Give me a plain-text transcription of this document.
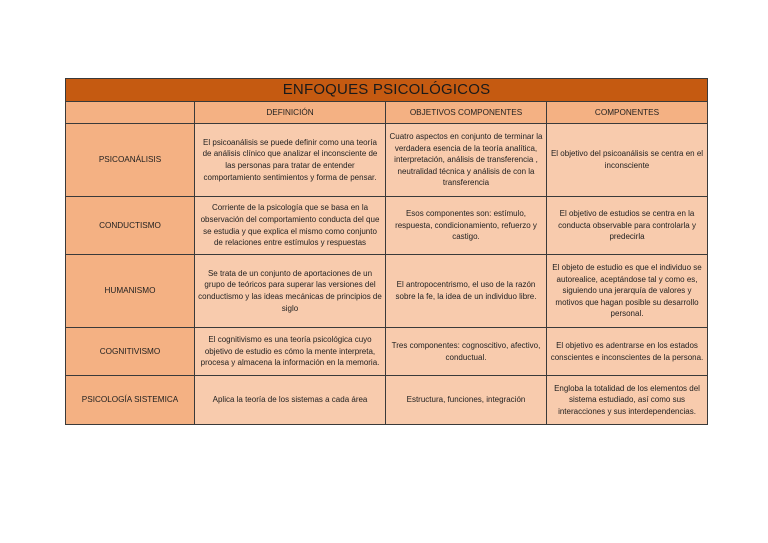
ENFOQUES PSICOLÓGICOS			
	DEFINICIÓN	OBJETIVOS COMPONENTES	COMPONENTES
PSICOANÁLISIS	El psicoanálisis se puede definir como una teoría de análisis clínico que analizar el inconsciente de las personas para tratar de entender comportamiento sentimientos y forma de pensar.	Cuatro aspectos en conjunto de terminar la verdadera esencia de la teoría analítica, interpretación, análisis de transferencia , neutralidad técnica y análisis de con la transferencia	El objetivo del psicoanálisis se centra en el inconsciente
CONDUCTISMO	Corriente de la psicología que se basa en la observación del comportamiento conducta del que se estudia y que explica el mismo como conjunto de relaciones entre estímulos y respuestas	Esos componentes son: estímulo, respuesta, condicionamiento, refuerzo y castigo.	El objetivo de estudios se centra en la conducta observable para controlarla y predecirla
HUMANISMO	Se trata de un conjunto de aportaciones de un grupo de teóricos para superar las versiones del conductismo y las ideas mecánicas de principios de siglo	El antropocentrismo, el uso de la razón sobre la fe, la idea de un individuo libre.	El objeto de estudio es que el individuo se autorealice, aceptándose tal y como es, siguiendo una jerarquía de valores y motivos que hagan posible su desarrollo personal.
COGNITIVISMO	El cognitivismo es una teoría psicológica cuyo objetivo de estudio es cómo la mente interpreta, procesa y almacena la información en la memoria.	Tres componentes: cognoscitivo, afectivo, conductual.	El objetivo es adentrarse en los estados conscientes e inconscientes de la persona.
PSICOLOGÍA SISTEMICA	Aplica la teoría de los sistemas a cada área	Estructura, funciones, integración	Engloba la totalidad de los elementos del sistema estudiado, así como sus interacciones y sus interdependencias.
